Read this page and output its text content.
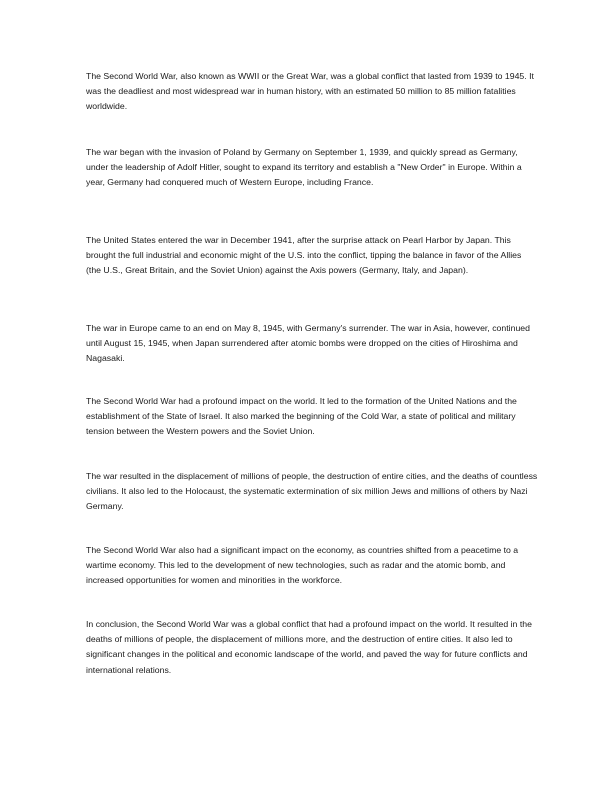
The Second World War, also known as WWII or the Great War, was a global conflict that lasted from 1939 to 1945. It was the deadliest and most widespread war in human history, with an estimated 50 million to 85 million fatalities worldwide.

The war began with the invasion of Poland by Germany on September 1, 1939, and quickly spread as Germany, under the leadership of Adolf Hitler, sought to expand its territory and establish a "New Order" in Europe. Within a year, Germany had conquered much of Western Europe, including France.

The United States entered the war in December 1941, after the surprise attack on Pearl Harbor by Japan. This brought the full industrial and economic might of the U.S. into the conflict, tipping the balance in favor of the Allies (the U.S., Great Britain, and the Soviet Union) against the Axis powers (Germany, Italy, and Japan).

The war in Europe came to an end on May 8, 1945, with Germany's surrender. The war in Asia, however, continued until August 15, 1945, when Japan surrendered after atomic bombs were dropped on the cities of Hiroshima and Nagasaki.

The Second World War had a profound impact on the world. It led to the formation of the United Nations and the establishment of the State of Israel. It also marked the beginning of the Cold War, a state of political and military tension between the Western powers and the Soviet Union.

The war resulted in the displacement of millions of people, the destruction of entire cities, and the deaths of countless civilians. It also led to the Holocaust, the systematic extermination of six million Jews and millions of others by Nazi Germany.

The Second World War also had a significant impact on the economy, as countries shifted from a peacetime to a wartime economy. This led to the development of new technologies, such as radar and the atomic bomb, and increased opportunities for women and minorities in the workforce.

In conclusion, the Second World War was a global conflict that had a profound impact on the world. It resulted in the deaths of millions of people, the displacement of millions more, and the destruction of entire cities. It also led to significant changes in the political and economic landscape of the world, and paved the way for future conflicts and international relations.
